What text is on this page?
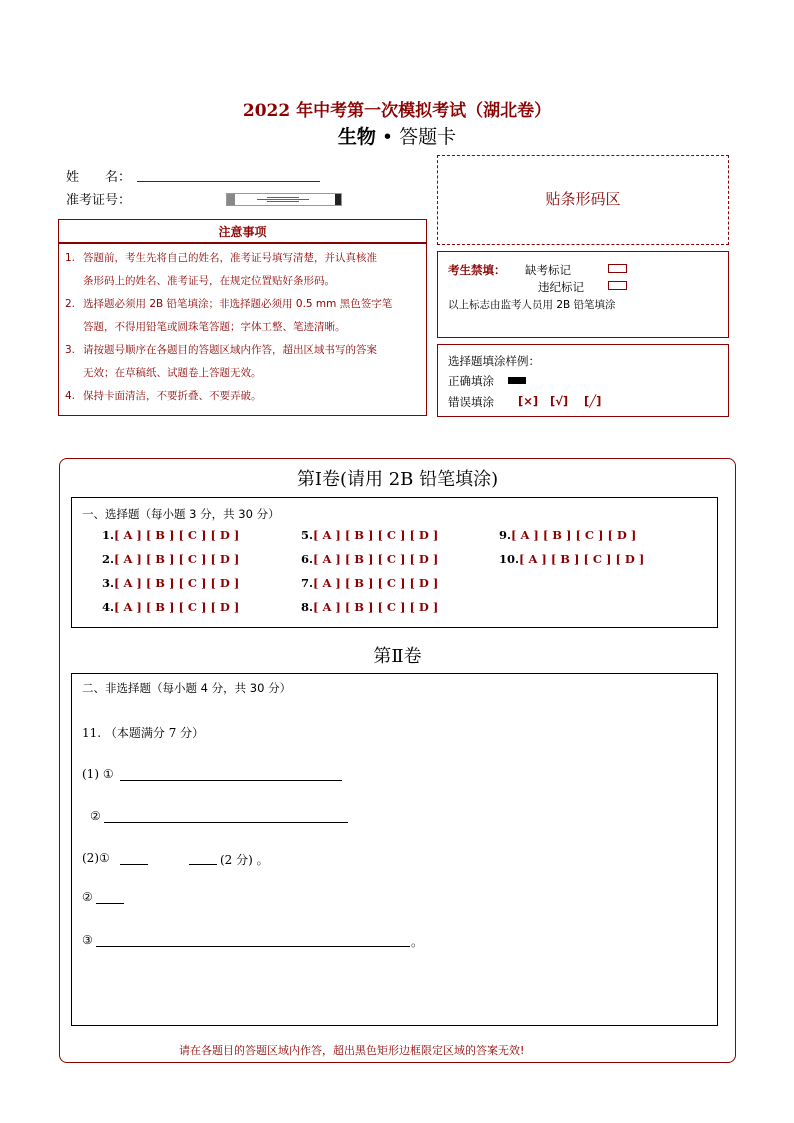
2022 年中考第一次模拟考试（湖北卷）
生物 • 答题卡
姓　　名：
准考证号：	贴条形码区
注意事项
1. 答题前，考生先将自己的姓名，准考证号填写清楚，并认真核准
条形码上的姓名、准考证号，在规定位置贴好条形码。
2. 选择题必须用 2B 铅笔填涂；非选择题必须用 0.5 mm 黑色签字笔
答题，不得用铅笔或圆珠笔答题；字体工整、笔迹清晰。
3. 请按题号顺序在各题目的答题区域内作答，超出区域书写的答案
无效；在草稿纸、试题卷上答题无效。
4. 保持卡面清洁，不要折叠、不要弄破。
考生禁填： 缺考标记
违纪标记
以上标志由监考人员用 2B 铅笔填涂
选择题填涂样例：
正确填涂
错误填涂 [×] [√] [╱]
第Ⅰ卷(请用 2B 铅笔填涂)
一、选择题（每小题 3 分，共 30 分）
1.[ A ] [ B ] [ C ] [ D ]
2.[ A ] [ B ] [ C ] [ D ]
3.[ A ] [ B ] [ C ] [ D ]
4.[ A ] [ B ] [ C ] [ D ]
5.[ A ] [ B ] [ C ] [ D ]
6.[ A ] [ B ] [ C ] [ D ]
7.[ A ] [ B ] [ C ] [ D ]
8.[ A ] [ B ] [ C ] [ D ]
9.[ A ] [ B ] [ C ] [ D ]
10.[ A ] [ B ] [ C ] [ D ]
第Ⅱ卷
二、非选择题（每小题 4 分，共 30 分）
11. （本题满分 7 分）
(1) ①
②
(2)①	(2 分) 。
②
③	。
请在各题目的答题区域内作答，超出黑色矩形边框限定区域的答案无效!
